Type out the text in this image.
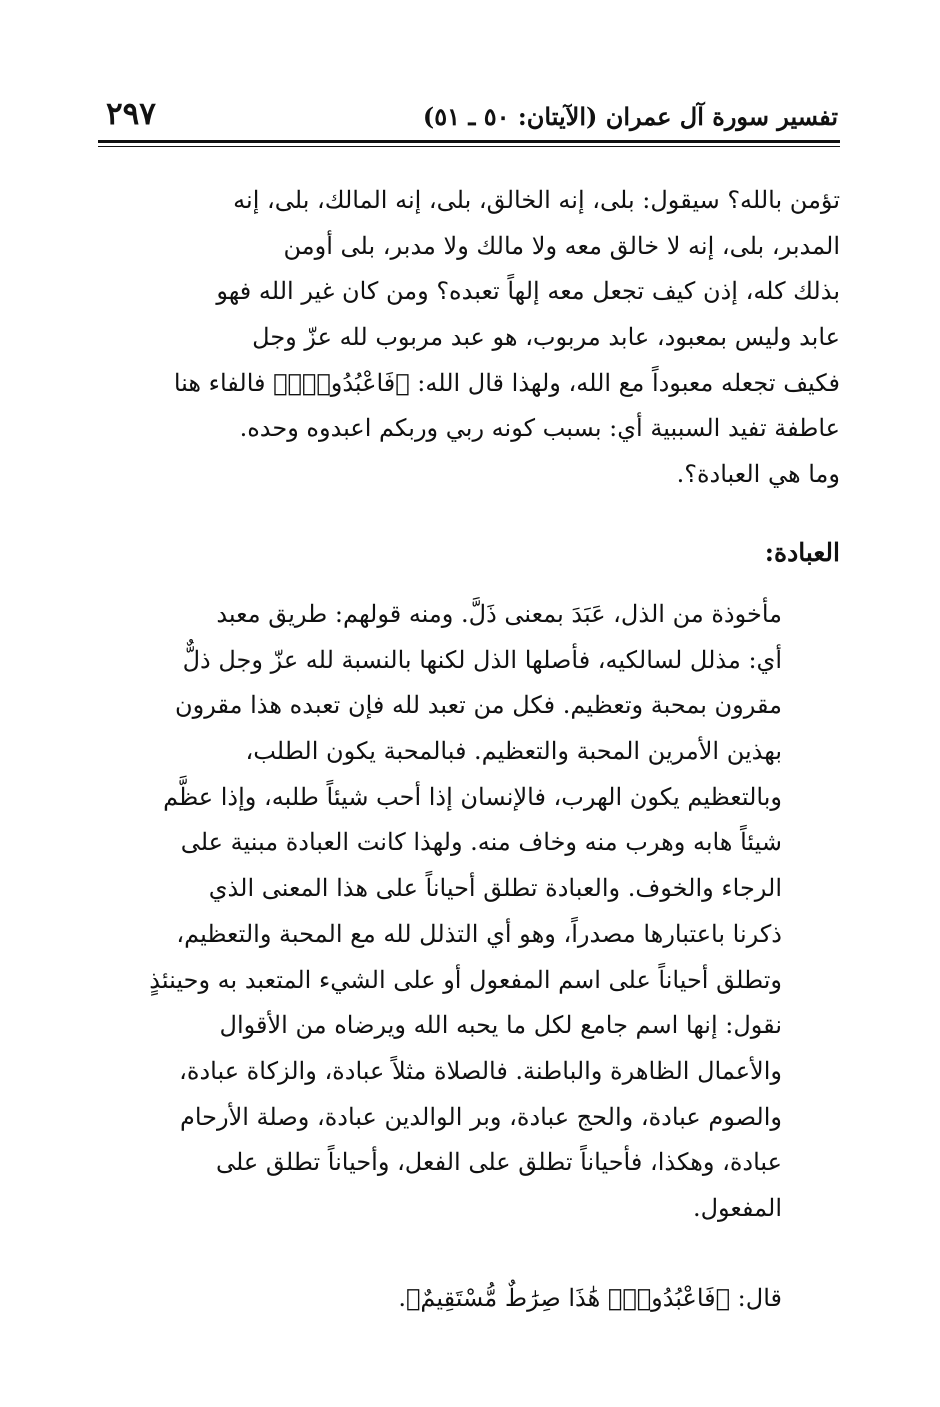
٢٩٧	تفسير سورة آل عمران (الآيتان: ٥٠ ـ ٥١)
تؤمن بالله؟ سيقول: بلى، إنه الخالق، بلى، إنه المالك، بلى، إنه
المدبر، بلى، إنه لا خالق معه ولا مالك ولا مدبر، بلى أومن
بذلك كله، إذن كيف تجعل معه إلهاً تعبده؟ ومن كان غير الله فهو
عابد وليس بمعبود، عابد مربوب، هو عبد مربوب لله عزّ وجل
فكيف تجعله معبوداً مع الله، ولهذا قال الله: ﴿فَاعْبُدُوهُۚ﴾ فالفاء هنا
عاطفة تفيد السببية أي: بسبب كونه ربي وربكم اعبدوه وحده.
وما هي العبادة؟.
العبادة:
مأخوذة من الذل، عَبَدَ بمعنى ذَلَّ. ومنه قولهم: طريق معبد
أي: مذلل لسالكيه، فأصلها الذل لكنها بالنسبة لله عزّ وجل ذلٌّ
مقرون بمحبة وتعظيم. فكل من تعبد لله فإن تعبده هذا مقرون
بهذين الأمرين المحبة والتعظيم. فبالمحبة يكون الطلب،
وبالتعظيم يكون الهرب، فالإنسان إذا أحب شيئاً طلبه، وإذا عظَّم
شيئاً هابه وهرب منه وخاف منه. ولهذا كانت العبادة مبنية على
الرجاء والخوف. والعبادة تطلق أحياناً على هذا المعنى الذي
ذكرنا باعتبارها مصدراً، وهو أي التذلل لله مع المحبة والتعظيم،
وتطلق أحياناً على اسم المفعول أو على الشيء المتعبد به وحينئذٍ
نقول: إنها اسم جامع لكل ما يحبه الله ويرضاه من الأقوال
والأعمال الظاهرة والباطنة. فالصلاة مثلاً عبادة، والزكاة عبادة،
والصوم عبادة، والحج عبادة، وبر الوالدين عبادة، وصلة الأرحام
عبادة، وهكذا، فأحياناً تطلق على الفعل، وأحياناً تطلق على
المفعول.
قال: ﴿فَاعْبُدُوهُۚ هَٰذَا صِرَٰطٌ مُّسْتَقِيمٌ﴾.
